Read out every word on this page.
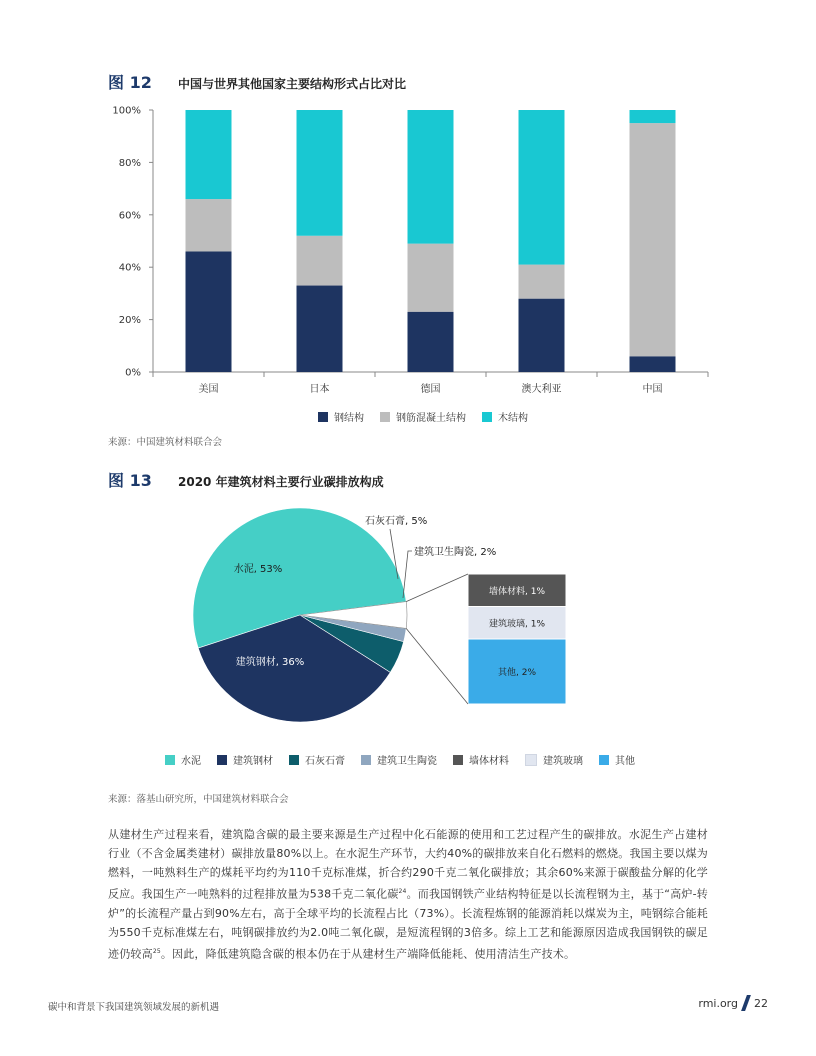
图 12	中国与世界其他国家主要结构形式占比对比
0%
20%
40%
60%
80%
100%
美国	日本	德国	澳大利亚	中国
钢结构	钢筋混凝土结构	木结构
来源：中国建筑材料联合会
图 13	2020 年建筑材料主要行业碳排放构成
水泥, 53%
建筑钢材, 36%
石灰石膏, 5%
建筑卫生陶瓷, 2%
墙体材料, 1%
建筑玻璃, 1%
其他, 2%
水泥	建筑钢材	石灰石膏	建筑卫生陶瓷	墙体材料	建筑玻璃	其他
来源：落基山研究所，中国建筑材料联合会

从建材生产过程来看，建筑隐含碳的最主要来源是生产过程中化石能源的使用和工艺过程产生的碳排放。水泥生产占建材行业（不含金属类建材）碳排放量80%以上。在水泥生产环节，大约40%的碳排放来自化石燃料的燃烧。我国主要以煤为燃料，一吨熟料生产的煤耗平均约为110千克标准煤，折合约290千克二氧化碳排放；其余60%来源于碳酸盐分解的化学反应。我国生产一吨熟料的过程排放量为538千克二氧化碳$^{24}$。而我国钢铁产业结构特征是以长流程钢为主，基于“高炉-转炉”的长流程产量占到90%左右，高于全球平均的长流程占比（73%）。长流程炼钢的能源消耗以煤炭为主，吨钢综合能耗为550千克标准煤左右，吨钢碳排放约为2.0吨二氧化碳，是短流程钢的3倍多。综上工艺和能源原因造成我国钢铁的碳足迹仍较高$^{25}$。因此，降低建筑隐含碳的根本仍在于从建材生产端降低能耗、使用清洁生产技术。

碳中和背景下我国建筑领域发展的新机遇	rmi.org 22
